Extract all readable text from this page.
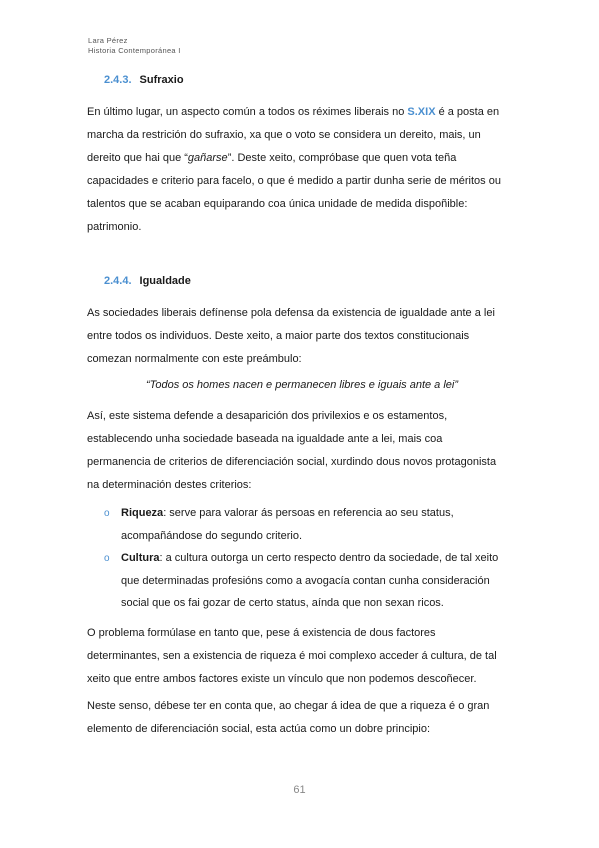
Lara Pérez
Historia Contemporánea I
2.4.3. Sufraxio
En último lugar, un aspecto común a todos os réximes liberais no S.XIX é a posta en marcha da restrición do sufraxio, xa que o voto se considera un dereito, mais, un dereito que hai que “gañarse”. Deste xeito, compróbase que quen vota teña capacidades e criterio para facelo, o que é medido a partir dunha serie de méritos ou talentos que se acaban equiparando coa única unidade de medida dispoñible: patrimonio.
2.4.4. Igualdade
As sociedades liberais defínense pola defensa da existencia de igualdade ante a lei entre todos os individuos. Deste xeito, a maior parte dos textos constitucionais comezan normalmente con este preámbulo:
“Todos os homes nacen e permanecen libres e iguais ante a lei”
Así, este sistema defende a desaparición dos privilexios e os estamentos, establecendo unha sociedade baseada na igualdade ante a lei, mais coa permanencia de criterios de diferenciación social, xurdindo dous novos protagonista na determinación destes criterios:
o Riqueza: serve para valorar ás persoas en referencia ao seu status, acompañándose do segundo criterio.
o Cultura: a cultura outorga un certo respecto dentro da sociedade, de tal xeito que determinadas profesións como a avogacía contan cunha consideración social que os fai gozar de certo status, aínda que non sexan ricos.
O problema formúlase en tanto que, pese á existencia de dous factores determinantes, sen a existencia de riqueza é moi complexo acceder á cultura, de tal xeito que entre ambos factores existe un vínculo que non podemos descoñecer.
Neste senso, débese ter en conta que, ao chegar á idea de que a riqueza é o gran elemento de diferenciación social, esta actúa como un dobre principio:
61
